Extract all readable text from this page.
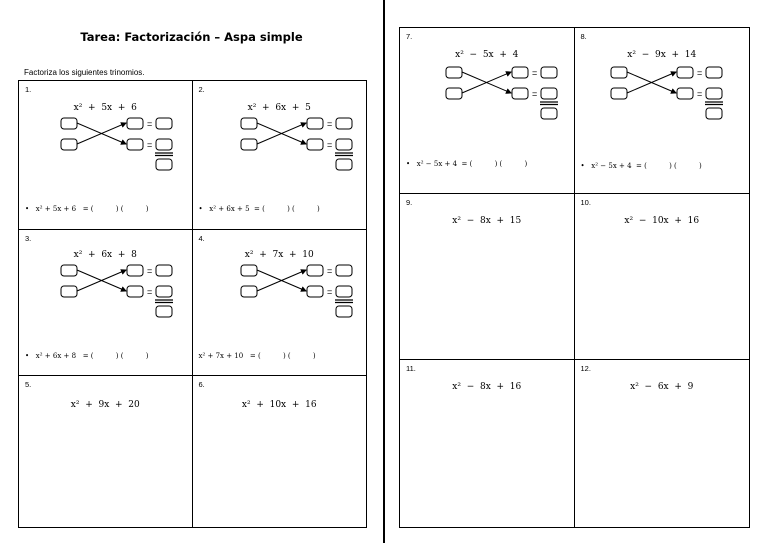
Tarea: Factorización – Aspa simple
Factoriza los siguientes trinomios.
1.
x²  +  5x  +  6
=
=
•   x² + 5x + 6   = (          ) (          )
2.
x²  +  6x  +  5
=
=
•   x² + 6x + 5  = (          ) (          )
3.
x²  +  6x  +  8
=
=
•   x² + 6x + 8   = (          ) (          )
4.
x²  +  7x  +  10
=
=
x² + 7x + 10   = (          ) (          )
5.
x²  +  9x  +  20
6.
x²  +  10x  +  16
7.
x²  −  5x  +  4
=
=
•   x² − 5x + 4  = (          ) (          )
8.
x²  −  9x  +  14
=
=
•   x² − 5x + 4  = (          ) (          )
9.
x²  −  8x  +  15
10.
x²  −  10x  +  16
11.
x²  −  8x  +  16
12.
x²  −  6x  +  9
